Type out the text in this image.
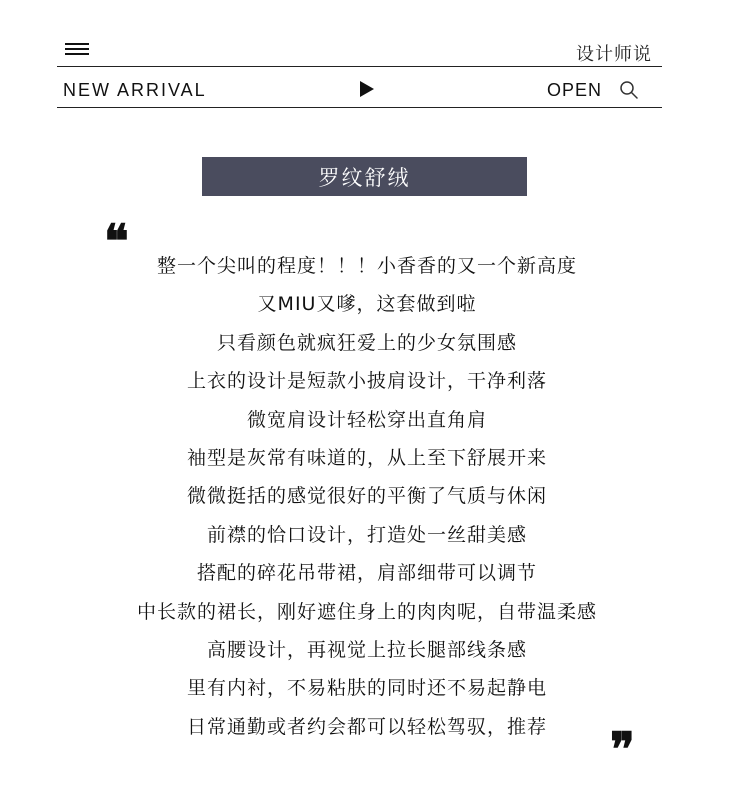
设计师说
NEW ARRIVAL	OPEN
罗纹舒绒
❝	整一个尖叫的程度！！！小香香的又一个新高度
又MIU又嗲，这套做到啦
只看颜色就疯狂爱上的少女氛围感
上衣的设计是短款小披肩设计，干净利落
微宽肩设计轻松穿出直角肩
袖型是灰常有味道的，从上至下舒展开来
微微挺括的感觉很好的平衡了气质与休闲
前襟的恰口设计，打造处一丝甜美感
搭配的碎花吊带裙，肩部细带可以调节
中长款的裙长，刚好遮住身上的肉肉呢，自带温柔感
高腰设计，再视觉上拉长腿部线条感
里有内衬，不易粘肤的同时还不易起静电
日常通勤或者约会都可以轻松驾驭，推荐	❞
